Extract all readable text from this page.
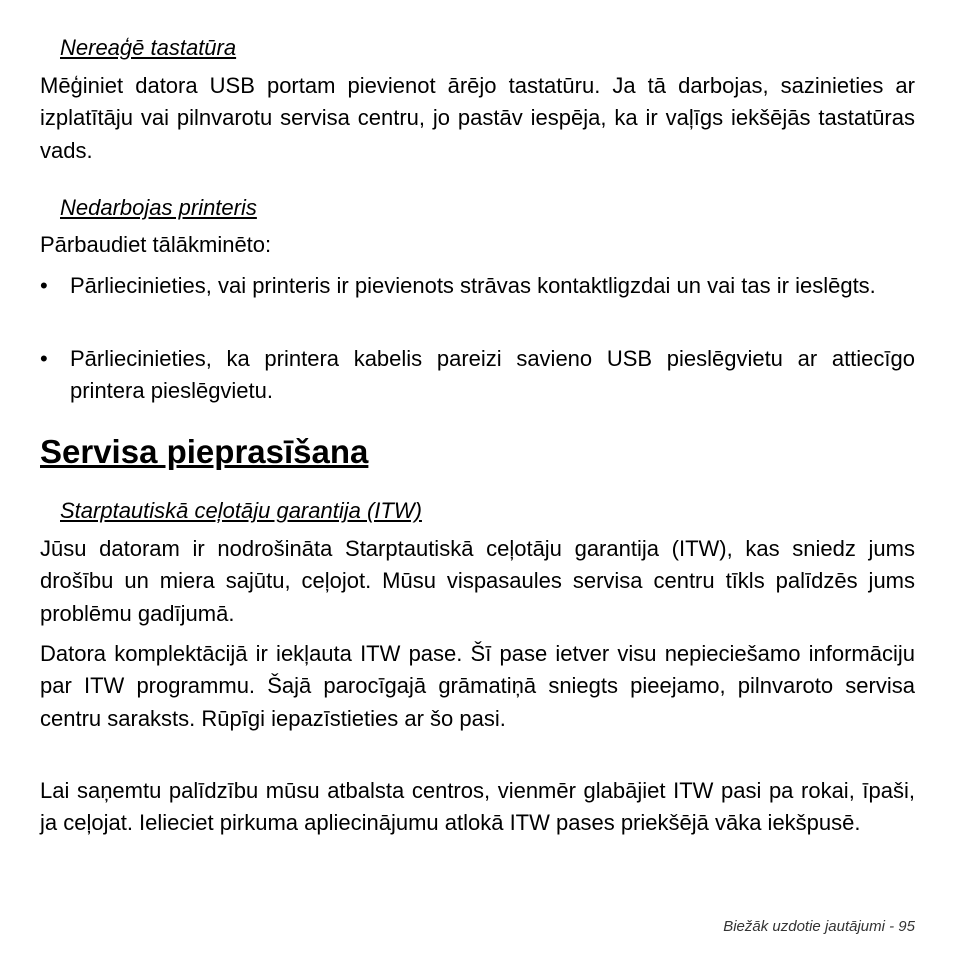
Nereaģē tastatūra
Mēģiniet datora USB portam pievienot ārējo tastatūru. Ja tā darbojas, sazinieties ar izplatītāju vai pilnvarotu servisa centru, jo pastāv iespēja, ka ir vaļīgs iekšējās tastatūras vads.
Nedarbojas printeris
Pārbaudiet tālākminēto:
• Pārliecinieties, vai printeris ir pievienots strāvas kontaktligzdai un vai tas ir ieslēgts.
• Pārliecinieties, ka printera kabelis pareizi savieno USB pieslēgvietu ar attiecīgo printera pieslēgvietu.
Servisa pieprasīšana
Starptautiskā ceļotāju garantija (ITW)
Jūsu datoram ir nodrošināta Starptautiskā ceļotāju garantija (ITW), kas sniedz jums drošību un miera sajūtu, ceļojot. Mūsu vispasaules servisa centru tīkls palīdzēs jums problēmu gadījumā.
Datora komplektācijā ir iekļauta ITW pase. Šī pase ietver visu nepieciešamo informāciju par ITW programmu. Šajā parocīgajā grāmatiņā sniegts pieejamo, pilnvaroto servisa centru saraksts. Rūpīgi iepazīstieties ar šo pasi.
Lai saņemtu palīdzību mūsu atbalsta centros, vienmēr glabājiet ITW pasi pa rokai, īpaši, ja ceļojat. Ielieciet pirkuma apliecinājumu atlokā ITW pases priekšējā vāka iekšpusē.
Biežāk uzdotie jautājumi - 95
